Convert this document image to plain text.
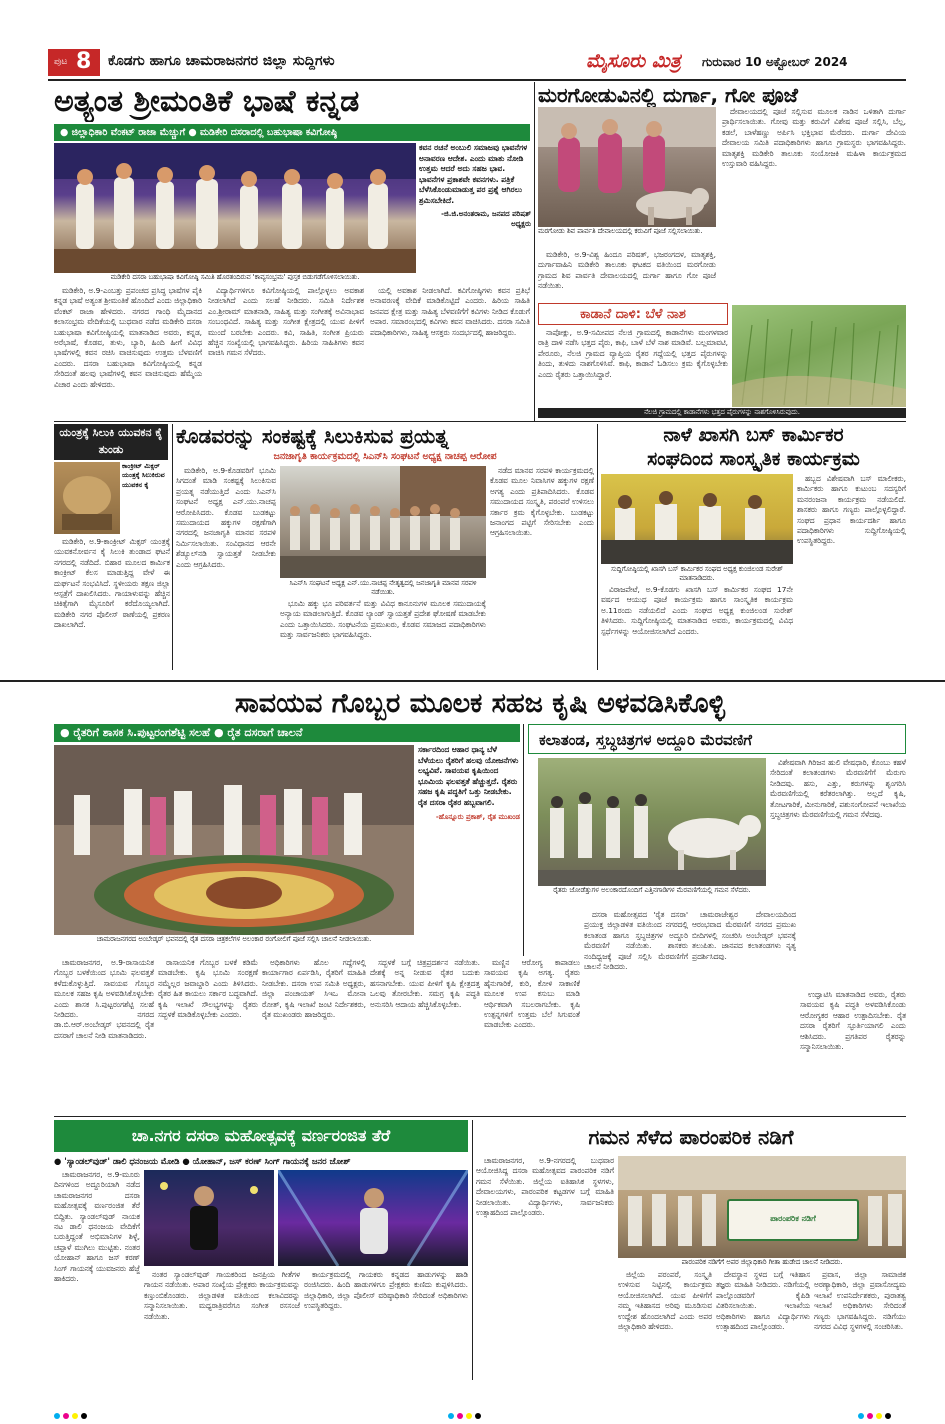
ಪುಟ 8 ಕೊಡಗು ಹಾಗೂ ಚಾಮರಾಜನಗರ ಜಿಲ್ಲಾ ಸುದ್ದಿಗಳು	ಮೈಸೂರು ಮಿತ್ರ ಗುರುವಾರ 10 ಅಕ್ಟೋಬರ್ 2024
ಅತ್ಯಂತ ಶ್ರೀಮಂತಿಕೆ ಭಾಷೆ ಕನ್ನಡ
● ಜಿಲ್ಲಾಧಿಕಾರಿ ವೆಂಕಟ್ ರಾಜಾ ಮೆಚ್ಚುಗೆ ● ಮಡಿಕೇರಿ ದಸರಾದಲ್ಲಿ ಬಹುಭಾಷಾ ಕವಿಗೋಷ್ಠಿ
ಮಡಿಕೇರಿ ದಸರಾ ಬಹುಭಾಷಾ ಕವಿಗೋಷ್ಠಿ ಸಮಿತಿ ಹೊರತಂದಿರುವ 'ಕಾವ್ಯಸಂಭ್ರಮ' ಪುಸ್ತಕ ಬಿಡುಗಡೆಗೊಳಿಸಲಾಯಿತು.
ಕವನ ರಚನೆ ಅಂಬುಲಿ ಸಮಾಜವು ಭಾವನೆಗಳ ಅನಾವರಣ ಆದೇಶ. ಎಂದು ಮಾತು ನೋಡಿ ಉತ್ತಮ ಆದರೆ ಅದು ಸಹಜ ಭಾವ. ಭಾವನೆಗಳ ಪ್ರಕಾಶವೇ ಕವನಗಳು. ಪತ್ರಿಕೆ ಬೆಳೆಸಿಕೊಂಡುಮಾಡುತ್ತ ಪರ ಪ್ರಶ್ನೆ ಆಗಿರಲು ಶ್ರಮಿಸಬೇಕಿದೆ.
-ಜಿ.ಜಿ.ಅನಂತರಾಮ, ಜನಪದ ಪರಿಷತ್ ಅಧ್ಯಕ್ಷರು

ಮಡಿಕೇರಿ, ಅ.9-ಎಂಬತ್ತು ಪ್ರಪಂಚದ ಪ್ರಸಿದ್ಧ ಭಾಷೆಗಳ ಪೈಕಿ ಕನ್ನಡ ಭಾಷೆ ಅತ್ಯಂತ ಶ್ರೀಮಂತಿಕೆ ಹೊಂದಿದೆ ಎಂದು ಜಿಲ್ಲಾಧಿಕಾರಿ ವೆಂಕಟ್ ರಾಜಾ ಹೇಳಿದರು. ನಗರದ ಗಾಂಧಿ ಮೈದಾನದ ಕಲಾಸಂಭ್ರಮ ವೇದಿಕೆಯಲ್ಲಿ ಬುಧವಾರ ನಡೆದ ಮಡಿಕೇರಿ ದಸರಾ ಬಹುಭಾಷಾ ಕವಿಗೋಷ್ಠಿಯಲ್ಲಿ ಮಾತನಾಡಿದ ಅವರು, ಕನ್ನಡ, ಅರೆಭಾಷೆ, ಕೊಡವ, ತುಳು, ಬ್ಯಾರಿ, ಹಿಂದಿ ಹೀಗೆ ವಿವಿಧ ಭಾಷೆಗಳಲ್ಲಿ ಕವನ ರಚಿಸಿ ವಾಚಿಸುವುದು ಉತ್ತಮ ಬೆಳವಣಿಗೆ ಎಂದರು. ದಸರಾ ಬಹುಭಾಷಾ ಕವಿಗೋಷ್ಠಿಯಲ್ಲಿ ಕನ್ನಡ ಸೇರಿದಂತೆ ಹಲವು ಭಾಷೆಗಳಲ್ಲಿ ಕವನ ವಾಚಿಸುವುದು ಹೆಮ್ಮೆಯ ವಿಚಾರ ಎಂದು ಹೇಳಿದರು.

ವಿದ್ಯಾರ್ಥಿಗಳಿಗೂ ಕವಿಗೋಷ್ಠಿಯಲ್ಲಿ ಪಾಲ್ಗೊಳ್ಳಲು ಅವಕಾಶ ನೀಡಲಾಗಿದೆ ಎಂದು ಸಲಹೆ ನೀಡಿದರು. ಸಮಿತಿ ನಿರ್ದೇಶಕ ಎಂ.ಶ್ರೀರಾಮ್ ಮಾತನಾಡಿ, ಸಾಹಿತ್ಯ ಮತ್ತು ಸಂಗೀತಕ್ಕೆ ಅವಿನಾಭಾವ ಸಂಬಂಧವಿದೆ. ಸಾಹಿತ್ಯ ಮತ್ತು ಸಂಗೀತ ಕ್ಷೇತ್ರದಲ್ಲಿ ಯುವ ಪೀಳಿಗೆ ಮುಂದೆ ಬರಬೇಕು ಎಂದರು. ಕವಿ, ಸಾಹಿತಿ, ಸಂಗೀತ ಪ್ರಿಯರು ಹೆಚ್ಚಿನ ಸಂಖ್ಯೆಯಲ್ಲಿ ಭಾಗವಹಿಸಿದ್ದರು. ಹಿರಿಯ ಸಾಹಿತಿಗಳು ಕವನ ವಾಚಿಸಿ ಗಮನ ಸೆಳೆದರು.

ಯಲ್ಲಿ ಅವಕಾಶ ನೀಡಲಾಗಿದೆ. ಕವಿಗೋಷ್ಠಿಗಳು ಕವನ ಪ್ರತಿಭೆ ಅನಾವರಣಕ್ಕೆ ವೇದಿಕೆ ಮಾಡಿಕೊಟ್ಟಿದೆ ಎಂದರು. ಹಿರಿಯ ಸಾಹಿತಿ ಜನಪದ ಕ್ಷೇತ್ರ ಮತ್ತು ಸಾಹಿತ್ಯ ಬೆಳವಣಿಗೆಗೆ ಕವಿಗಳು ನೀಡಿದ ಕೊಡುಗೆ ಅಪಾರ. ಸಮಾರಂಭದಲ್ಲಿ ಕವಿಗಳು ಕವನ ವಾಚಿಸಿದರು. ದಸರಾ ಸಮಿತಿ ಪದಾಧಿಕಾರಿಗಳು, ಸಾಹಿತ್ಯ ಆಸಕ್ತರು ಸಂದರ್ಭದಲ್ಲಿ ಹಾಜರಿದ್ದರು.

ಮರಗೋಡುವಿನಲ್ಲಿ ದುರ್ಗಾ, ಗೋ ಪೂಜೆ
ಮರಗೋಡು ಶಿವ ಪಾರ್ವತಿ ದೇವಾಲಯದಲ್ಲಿ ಕರುವಿಗೆ ಪೂಜೆ ಸಲ್ಲಿಸಲಾಯಿತು.

ದೇವಾಲಯದಲ್ಲಿ ಪೂಜೆ ಸಲ್ಲಿಸುವ ಮೂಲಕ ನಾಡಿನ ಒಳಿತಾಗಿ ದುರ್ಗಾ ಪ್ರಾರ್ಥಿಸಲಾಯಿತು. ಗೋವು ಮತ್ತು ಕರುವಿಗೆ ವಿಶೇಷ ಪೂಜೆ ಸಲ್ಲಿಸಿ, ಬೆಲ್ಲ, ಕಡಲೆ, ಬಾಳೆಹಣ್ಣು ಅರ್ಪಿಸಿ ಭಕ್ತಿಭಾವ ಮೆರೆದರು. ದುರ್ಗಾ ದೇವಿಯ ದೇವಾಲಯ ಸಮಿತಿ ಪದಾಧಿಕಾರಿಗಳು ಹಾಗೂ ಗ್ರಾಮಸ್ಥರು ಭಾಗವಹಿಸಿದ್ದರು. ಮಾತೃಶಕ್ತಿ ಮಡಿಕೇರಿ ತಾಲೂಕು ಸಂಯೋಜಕಿ ಮಹಿಳಾ ಕಾರ್ಯಕ್ರಮದ ಉಸ್ತುವಾರಿ ವಹಿಸಿದ್ದರು.

ಮಡಿಕೇರಿ, ಅ.9-ವಿಶ್ವ ಹಿಂದೂ ಪರಿಷತ್, ಭಜರಂಗದಳ, ಮಾತೃಶಕ್ತಿ, ದುರ್ಗಾವಾಹಿನಿ ಮಡಿಕೇರಿ ತಾಲೂಕು ಘಟಕದ ವತಿಯಿಂದ ಮರಗೋಡು ಗ್ರಾಮದ ಶಿವ ಪಾರ್ವತಿ ದೇವಾಲಯದಲ್ಲಿ ದುರ್ಗಾ ಹಾಗೂ ಗೋ ಪೂಜೆ ನಡೆಯಿತು.

ಕಾಡಾನೆ ದಾಳಿ: ಬೆಳೆ ನಾಶ

ನಾಪೋಕ್ಲು, ಅ.9-ಸಮೀಪದ ನೆಲಜಿ ಗ್ರಾಮದಲ್ಲಿ ಕಾಡಾನೆಗಳು ಮಂಗಳವಾರ ರಾತ್ರಿ ದಾಳಿ ನಡೆಸಿ ಭತ್ತದ ಪೈರು, ಕಾಫಿ, ಬಾಳೆ ಬೆಳೆ ನಾಶ ಮಾಡಿವೆ. ಬಲ್ಲಮಾವಟಿ, ಪೇರೂರು, ನೆಲಜಿ ಗ್ರಾಮದ ವ್ಯಾಪ್ತಿಯ ರೈತರ ಗದ್ದೆಯಲ್ಲಿ ಭತ್ತದ ಪೈರುಗಳನ್ನು ತಿಂದು, ತುಳಿದು ನಾಶಗೊಳಿಸಿವೆ. ಕಾಫಿ, ಕಾಡಾನೆ ಓಡಿಸಲು ಕ್ರಮ ಕೈಗೊಳ್ಳಬೇಕು ಎಂದು ರೈತರು ಒತ್ತಾಯಿಸಿದ್ದಾರೆ.

ನೆಲಜಿ ಗ್ರಾಮದಲ್ಲಿ ಕಾಡಾನೆಗಳು ಭತ್ತದ ಪೈರುಗಳನ್ನು ನಾಶಗೊಳಿಸಿರುವುದು.
ಯಂತ್ರಕ್ಕೆ ಸಿಲುಕಿ ಯುವಕನ ಕೈ ತುಂಡು
ಕಾಂಕ್ರೀಟ್ ಮಿಕ್ಸರ್ ಯಂತ್ರಕ್ಕೆ ಸಿಲುಕಿರುವ ಯುವಕನ ಕೈ

ಮಡಿಕೇರಿ, ಅ.9-ಕಾಂಕ್ರೀಟ್ ಮಿಕ್ಸರ್ ಯಂತ್ರಕ್ಕೆ ಯುವಕನೋರ್ವನ ಕೈ ಸಿಲುಕಿ ತುಂಡಾದ ಘಟನೆ ನಗರದಲ್ಲಿ ನಡೆದಿದೆ. ಬಿಹಾರ ಮೂಲದ ಕಾರ್ಮಿಕ ಕಾಂಕ್ರೀಟ್ ಕೆಲಸ ಮಾಡುತ್ತಿದ್ದ ವೇಳೆ ಈ ದುರ್ಘಟನೆ ಸಂಭವಿಸಿದೆ. ಸ್ಥಳೀಯರು ತಕ್ಷಣ ಜಿಲ್ಲಾ ಆಸ್ಪತ್ರೆಗೆ ದಾಖಲಿಸಿದರು. ಗಾಯಾಳುವನ್ನು ಹೆಚ್ಚಿನ ಚಿಕಿತ್ಸೆಗಾಗಿ ಮೈಸೂರಿಗೆ ಕರೆದೊಯ್ಯಲಾಗಿದೆ. ಮಡಿಕೇರಿ ನಗರ ಪೊಲೀಸ್ ಠಾಣೆಯಲ್ಲಿ ಪ್ರಕರಣ ದಾಖಲಾಗಿದೆ.

ಕೊಡವರನ್ನು ಸಂಕಷ್ಟಕ್ಕೆ ಸಿಲುಕಿಸುವ ಪ್ರಯತ್ನ
ಜನಜಾಗೃತಿ ಕಾರ್ಯಕ್ರಮದಲ್ಲಿ ಸಿಎನ್‌ಸಿ ಸಂಘಟನೆ ಅಧ್ಯಕ್ಷ ನಾಚಪ್ಪ ಆರೋಪ

ಮಡಿಕೇರಿ, ಅ.9-ಕೊಡವರಿಗೆ ಭೂಮಿ ಸಿಗದಂತೆ ಮಾಡಿ ಸಂಕಷ್ಟಕ್ಕೆ ಸಿಲುಕಿಸುವ ಪ್ರಯತ್ನ ನಡೆಯುತ್ತಿದೆ ಎಂದು ಸಿಎನ್‌ಸಿ ಸಂಘಟನೆ ಅಧ್ಯಕ್ಷ ಎನ್.ಯು.ನಾಚಪ್ಪ ಆರೋಪಿಸಿದರು. ಕೊಡವ ಬುಡಕಟ್ಟು ಸಮುದಾಯದ ಹಕ್ಕುಗಳ ರಕ್ಷಣೆಗಾಗಿ ನಗರದಲ್ಲಿ ಜನಜಾಗೃತಿ ಮಾನವ ಸರಪಳಿ ನಿರ್ಮಿಸಲಾಯಿತು. ಸಂವಿಧಾನದ ಆರನೇ ಶೆಡ್ಯೂಲ್‌ನಡಿ ಸ್ವಾಯತ್ತತೆ ನೀಡಬೇಕು ಎಂದು ಆಗ್ರಹಿಸಿದರು.

ಸಿಎನ್‌ಸಿ ಸಂಘಟನೆ ಅಧ್ಯಕ್ಷ ಎನ್.ಯು.ನಾಚಪ್ಪ ನೇತೃತ್ವದಲ್ಲಿ ಜನಜಾಗೃತಿ ಮಾನವ ಸರಪಳಿ ನಡೆಯಿತು.

ನಡೆದ ಮಾನವ ಸರಪಳಿ ಕಾರ್ಯಕ್ರಮದಲ್ಲಿ ಕೊಡವ ಮೂಲ ನಿವಾಸಿಗಳ ಹಕ್ಕುಗಳ ರಕ್ಷಣೆ ಅಗತ್ಯ ಎಂದು ಪ್ರತಿಪಾದಿಸಿದರು. ಕೊಡವ ಸಮುದಾಯದ ಸಂಸ್ಕೃತಿ, ಪರಂಪರೆ ಉಳಿಸಲು ಸರ್ಕಾರ ಕ್ರಮ ಕೈಗೊಳ್ಳಬೇಕು. ಬುಡಕಟ್ಟು ಜನಾಂಗದ ಪಟ್ಟಿಗೆ ಸೇರಿಸಬೇಕು ಎಂದು ಆಗ್ರಹಿಸಲಾಯಿತು.

ಭೂಮಿ ಹಕ್ಕು ಭೂ ಪರಿವರ್ತನೆ ಮತ್ತು ವಿವಿಧ ಕಾನೂನುಗಳ ಮೂಲಕ ಸಮುದಾಯಕ್ಕೆ ಅನ್ಯಾಯ ಮಾಡಲಾಗುತ್ತಿದೆ. ಕೊಡವ ಲ್ಯಾಂಡ್ ಸ್ವಾಯತ್ತತೆ ಪ್ರದೇಶ ಘೋಷಣೆ ಮಾಡಬೇಕು ಎಂದು ಒತ್ತಾಯಿಸಿದರು. ಸಂಘಟನೆಯ ಪ್ರಮುಖರು, ಕೊಡವ ಸಮಾಜದ ಪದಾಧಿಕಾರಿಗಳು ಮತ್ತು ಸಾರ್ವಜನಿಕರು ಭಾಗವಹಿಸಿದ್ದರು.

ನಾಳೆ ಖಾಸಗಿ ಬಸ್ ಕಾರ್ಮಿಕರ
ಸಂಘದಿಂದ ಸಾಂಸ್ಕೃತಿಕ ಕಾರ್ಯಕ್ರಮ

ಹಬ್ಬದ ವಿಶೇಷವಾಗಿ ಬಸ್ ಮಾಲೀಕರು, ಕಾರ್ಮಿಕರು ಹಾಗೂ ಕುಟುಂಬ ಸದಸ್ಯರಿಗೆ ಮನರಂಜನಾ ಕಾರ್ಯಕ್ರಮ ನಡೆಯಲಿದೆ. ಶಾಸಕರು ಹಾಗೂ ಗಣ್ಯರು ಪಾಲ್ಗೊಳ್ಳಲಿದ್ದಾರೆ. ಸಂಘದ ಪ್ರಧಾನ ಕಾರ್ಯದರ್ಶಿ ಹಾಗೂ ಪದಾಧಿಕಾರಿಗಳು ಸುದ್ದಿಗೋಷ್ಠಿಯಲ್ಲಿ ಉಪಸ್ಥಿತರಿದ್ದರು.

ಸುದ್ದಿಗೋಷ್ಠಿಯಲ್ಲಿ ಖಾಸಗಿ ಬಸ್ ಕಾರ್ಮಿಕರ ಸಂಘದ ಅಧ್ಯಕ್ಷ ಕುಂಜಿಲಂಡ ಸುರೇಶ್ ಮಾತನಾಡಿದರು.

ವಿರಾಜಪೇಟೆ, ಅ.9-ಕೊಡಗು ಖಾಸಗಿ ಬಸ್ ಕಾರ್ಮಿಕರ ಸಂಘದ 17ನೇ ವರ್ಷದ ಆಯುಧ ಪೂಜೆ ಕಾರ್ಯಕ್ರಮ ಹಾಗೂ ಸಾಂಸ್ಕೃತಿಕ ಕಾರ್ಯಕ್ರಮ ಅ.11ರಂದು ನಡೆಯಲಿದೆ ಎಂದು ಸಂಘದ ಅಧ್ಯಕ್ಷ ಕುಂಜಿಲಂಡ ಸುರೇಶ್ ತಿಳಿಸಿದರು. ಸುದ್ದಿಗೋಷ್ಠಿಯಲ್ಲಿ ಮಾತನಾಡಿದ ಅವರು, ಕಾರ್ಯಕ್ರಮದಲ್ಲಿ ವಿವಿಧ ಸ್ಪರ್ಧೆಗಳನ್ನು ಆಯೋಜಿಸಲಾಗಿದೆ ಎಂದರು.

ಸಾವಯವ ಗೊಬ್ಬರ ಮೂಲಕ ಸಹಜ ಕೃಷಿ ಅಳವಡಿಸಿಕೊಳ್ಳಿ
● ರೈತರಿಗೆ ಶಾಸಕ ಸಿ.ಪುಟ್ಟರಂಗಶೆಟ್ಟಿ ಸಲಹೆ ● ರೈತ ದಸರಾಗೆ ಚಾಲನೆ
ಚಾಮರಾಜನಗರದ ಅಂಬೇಡ್ಕರ್ ಭವನದಲ್ಲಿ ರೈತ ದಸರಾ ಚಿತ್ರಕಲೆಗಳ ಅಲಂಕಾರ ರಂಗೋಲಿಗೆ ಪೂಜೆ ಸಲ್ಲಿಸಿ ಚಾಲನೆ ನೀಡಲಾಯಿತು.
ಸರ್ಕಾರದಿಂದ ಆಹಾರ ಧಾನ್ಯ ಬೆಳೆ ಬೆಳೆಯಲು ರೈತರಿಗೆ ಹಲವು ಯೋಜನೆಗಳು ಲಭ್ಯವಿವೆ. ಸಾವಯವ ಕೃಷಿಯಿಂದ ಭೂಮಿಯ ಫಲವತ್ತತೆ ಹೆಚ್ಚುತ್ತದೆ. ರೈತರು ಸಹಜ ಕೃಷಿ ಪದ್ಧತಿಗೆ ಒತ್ತು ನೀಡಬೇಕು. ರೈತ ದಸರಾ ರೈತರ ಹಬ್ಬವಾಗಲಿ.
-ಹೊನ್ನೂರು ಪ್ರಕಾಶ್, ರೈತ ಮುಖಂಡ

ಚಾಮರಾಜನಗರ, ಅ.9-ರಾಸಾಯನಿಕ ಗೊಬ್ಬರ ಬಳಕೆಯಿಂದ ಭೂಮಿ ಫಲವತ್ತತೆ ಕಳೆದುಕೊಳ್ಳುತ್ತಿದೆ. ಸಾವಯವ ಗೊಬ್ಬರ ಮೂಲಕ ಸಹಜ ಕೃಷಿ ಅಳವಡಿಸಿಕೊಳ್ಳಬೇಕು ಎಂದು ಶಾಸಕ ಸಿ.ಪುಟ್ಟರಂಗಶೆಟ್ಟಿ ಸಲಹೆ ನೀಡಿದರು. ನಗರದ ಡಾ.ಬಿ.ಆರ್.ಅಂಬೇಡ್ಕರ್ ಭವನದಲ್ಲಿ ರೈತ ದಸರಾಗೆ ಚಾಲನೆ ನೀಡಿ ಮಾತನಾಡಿದರು.

ರಾಸಾಯನಿಕ ಗೊಬ್ಬರ ಬಳಕೆ ಕಡಿಮೆ ಮಾಡಬೇಕು. ಕೃಷಿ ಭೂಮಿ ಸಂರಕ್ಷಣೆ ನಮ್ಮೆಲ್ಲರ ಜವಾಬ್ದಾರಿ ಎಂದು ತಿಳಿಸಿದರು. ರೈತರ ಹಿತ ಕಾಯಲು ಸರ್ಕಾರ ಬದ್ಧವಾಗಿದೆ. ಕೃಷಿ ಇಲಾಖೆ ಸೌಲಭ್ಯಗಳನ್ನು ರೈತರು ಸದ್ಬಳಕೆ ಮಾಡಿಕೊಳ್ಳಬೇಕು ಎಂದರು.

ಅಧಿಕಾರಿಗಳು ಹೊಲ ಗದ್ದೆಗಳಲ್ಲಿ ಕಾರ್ಯಾಗಾರ ಏರ್ಪಡಿಸಿ, ರೈತರಿಗೆ ಮಾಹಿತಿ ನೀಡಬೇಕು. ದಸರಾ ಉಪ ಸಮಿತಿ ಅಧ್ಯಕ್ಷರು, ಜಿಲ್ಲಾ ಪಂಚಾಯತ್ ಸಿಇಒ ಮೋನಾ ರೋತ್, ಕೃಷಿ ಇಲಾಖೆ ಜಂಟಿ ನಿರ್ದೇಶಕರು, ರೈತ ಮುಖಂಡರು ಹಾಜರಿದ್ದರು.

ಸದ್ಬಳಕೆ ಬಗ್ಗೆ ಚಿತ್ರಪ್ರದರ್ಶನ ನಡೆಯಿತು. ದೇಶಕ್ಕೆ ಅನ್ನ ನೀಡುವ ರೈತರ ಬದುಕು ಹಸನಾಗಬೇಕು. ಯುವ ಪೀಳಿಗೆ ಕೃಷಿ ಕ್ಷೇತ್ರದತ್ತ ಒಲವು ತೋರಬೇಕು. ಸಮಗ್ರ ಕೃಷಿ ಪದ್ಧತಿ ಅನುಸರಿಸಿ ಆದಾಯ ಹೆಚ್ಚಿಸಿಕೊಳ್ಳಬೇಕು.

ಮಣ್ಣಿನ ಆರೋಗ್ಯ ಕಾಪಾಡಲು ಸಾವಯವ ಕೃಷಿ ಅಗತ್ಯ. ರೈತರು ಹೈನುಗಾರಿಕೆ, ಕುರಿ, ಕೋಳಿ ಸಾಕಾಣಿಕೆ ಮೂಲಕ ಉಪ ಕಸುಬು ಮಾಡಿ ಆರ್ಥಿಕವಾಗಿ ಸಬಲರಾಗಬೇಕು. ಕೃಷಿ ಉತ್ಪನ್ನಗಳಿಗೆ ಉತ್ತಮ ಬೆಲೆ ಸಿಗುವಂತೆ ಮಾಡಬೇಕು ಎಂದರು.

ಕಲಾತಂಡ, ಸ್ತಬ್ಧಚಿತ್ರಗಳ ಅದ್ದೂರಿ ಮೆರವಣಿಗೆ
ರೈತರು ಜೋಡೆತ್ತುಗಳ ಅಲಂಕಾರದೊಂದಿಗೆ ಎತ್ತಿನಗಾಡಿಗಳ ಮೆರವಣಿಗೆಯಲ್ಲಿ ಗಮನ ಸೆಳೆದರು.

ವಿಶೇಷವಾಗಿ ಗಿರಿಜನ ಹುಲಿ ವೇಷಧಾರಿ, ಕೊಂಬು ಕಹಳೆ ಸೇರಿದಂತೆ ಕಲಾತಂಡಗಳು ಮೆರವಣಿಗೆಗೆ ಮೆರುಗು ನೀಡಿದವು. ಹಸು, ಎತ್ತು, ಕರುಗಳನ್ನು ಶೃಂಗರಿಸಿ ಮೆರವಣಿಗೆಯಲ್ಲಿ ಕರೆತರಲಾಗಿತ್ತು. ಅಲ್ಲದೆ ಕೃಷಿ, ತೋಟಗಾರಿಕೆ, ಮೀನುಗಾರಿಕೆ, ಪಶುಸಂಗೋಪನೆ ಇಲಾಖೆಯ ಸ್ತಬ್ಧಚಿತ್ರಗಳು ಮೆರವಣಿಗೆಯಲ್ಲಿ ಗಮನ ಸೆಳೆದವು.

ದಸರಾ ಮಹೋತ್ಸವದ 'ರೈತ ದಸರಾ' ಪ್ರಯುಕ್ತ ಜಿಲ್ಲಾಡಳಿತ ವತಿಯಿಂದ ನಗರದಲ್ಲಿ ಕಲಾತಂಡ ಹಾಗೂ ಸ್ತಬ್ಧಚಿತ್ರಗಳ ಅದ್ದೂರಿ ಮೆರವಣಿಗೆ ನಡೆಯಿತು. ಶಾಸಕರು ನಂದಿಧ್ವಜಕ್ಕೆ ಪೂಜೆ ಸಲ್ಲಿಸಿ ಮೆರವಣಿಗೆಗೆ ಚಾಲನೆ ನೀಡಿದರು.

ಚಾಮರಾಜೇಶ್ವರ ದೇವಾಲಯದಿಂದ ಆರಂಭವಾದ ಮೆರವಣಿಗೆ ನಗರದ ಪ್ರಮುಖ ಬೀದಿಗಳಲ್ಲಿ ಸಂಚರಿಸಿ ಅಂಬೇಡ್ಕರ್ ಭವನಕ್ಕೆ ತಲುಪಿತು. ಜಾನಪದ ಕಲಾತಂಡಗಳು ನೃತ್ಯ ಪ್ರದರ್ಶಿಸಿದವು.

ಉದ್ಘಾಟಿಸಿ ಮಾತನಾಡಿದ ಅವರು, ರೈತರು ಸಾವಯವ ಕೃಷಿ ಪದ್ಧತಿ ಅಳವಡಿಸಿಕೊಂಡು ಆರೋಗ್ಯಕರ ಆಹಾರ ಉತ್ಪಾದಿಸಬೇಕು. ರೈತ ದಸರಾ ರೈತರಿಗೆ ಸ್ಫೂರ್ತಿಯಾಗಲಿ ಎಂದು ಆಶಿಸಿದರು. ಪ್ರಗತಿಪರ ರೈತರನ್ನು ಸನ್ಮಾನಿಸಲಾಯಿತು.

ಚಾ.ನಗರ ದಸರಾ ಮಹೋತ್ಸವಕ್ಕೆ ವರ್ಣರಂಜಿತ ತೆರೆ
● 'ಸ್ಯಾಂಡಲ್‌ವುಡ್' ಡಾಲಿ ಧನಂಜಯ ಮೋಡಿ ● ಯೋಹಾನ್, ಜಸ್ ಕರಣ್ ಸಿಂಗ್ ಗಾಯನಕ್ಕೆ ಜನರ ಜೋಶ್

ಚಾಮರಾಜನಗರ, ಅ.9-ಮೂರು ದಿನಗಳಿಂದ ಅದ್ದೂರಿಯಾಗಿ ನಡೆದ ಚಾಮರಾಜನಗರ ದಸರಾ ಮಹೋತ್ಸವಕ್ಕೆ ವರ್ಣರಂಜಿತ ತೆರೆ ಬಿದ್ದಿತು. ಸ್ಯಾಂಡಲ್‌ವುಡ್ ನಾಯಕ ನಟ ಡಾಲಿ ಧನಂಜಯ ವೇದಿಕೆಗೆ ಬರುತ್ತಿದ್ದಂತೆ ಅಭಿಮಾನಿಗಳ ಶಿಳ್ಳೆ, ಚಪ್ಪಾಳೆ ಮುಗಿಲು ಮುಟ್ಟಿತು. ನಂತರ ಯೋಹಾನ್ ಹಾಗೂ ಜಸ್ ಕರಣ್ ಸಿಂಗ್ ಗಾಯನಕ್ಕೆ ಯುವಜನರು ಹೆಜ್ಜೆ ಹಾಕಿದರು.	ನಂತರ ಸ್ಯಾಂಡಲ್‌ವುಡ್ ಗಾಯಕರಿಂದ ಜನಪ್ರಿಯ ಗೀತೆಗಳ ಗಾಯನ ನಡೆಯಿತು. ಅಪಾರ ಸಂಖ್ಯೆಯ ಪ್ರೇಕ್ಷಕರು ಕಾರ್ಯಕ್ರಮವನ್ನು ಕಣ್ತುಂಬಿಕೊಂಡರು. ಜಿಲ್ಲಾಡಳಿತ ವತಿಯಿಂದ ಕಲಾವಿದರನ್ನು ಸನ್ಮಾನಿಸಲಾಯಿತು. ಮಧ್ಯರಾತ್ರಿವರೆಗೂ ಸಂಗೀತ ರಸಸಂಜೆ ನಡೆಯಿತು.

ಕಾರ್ಯಕ್ರಮದಲ್ಲಿ ಗಾಯಕರು ಕನ್ನಡದ ಹಾಡುಗಳನ್ನು ಹಾಡಿ ರಂಜಿಸಿದರು. ಹಿಂದಿ ಹಾಡುಗಳಿಗೂ ಪ್ರೇಕ್ಷಕರು ಕುಣಿದು ಕುಪ್ಪಳಿಸಿದರು. ಜಿಲ್ಲಾಧಿಕಾರಿ, ಜಿಲ್ಲಾ ಪೊಲೀಸ್ ವರಿಷ್ಠಾಧಿಕಾರಿ ಸೇರಿದಂತೆ ಅಧಿಕಾರಿಗಳು ಉಪಸ್ಥಿತರಿದ್ದರು.

ಗಮನ ಸೆಳೆದ ಪಾರಂಪರಿಕ ನಡಿಗೆ

ಚಾಮರಾಜನಗರ, ಅ.9-ನಗರದಲ್ಲಿ ಬುಧವಾರ ಆಯೋಜಿಸಿದ್ದ ದಸರಾ ಮಹೋತ್ಸವದ ಪಾರಂಪರಿಕ ನಡಿಗೆ ಗಮನ ಸೆಳೆಯಿತು. ಜಿಲ್ಲೆಯ ಐತಿಹಾಸಿಕ ಸ್ಥಳಗಳು, ದೇವಾಲಯಗಳು, ಪಾರಂಪರಿಕ ಕಟ್ಟಡಗಳ ಬಗ್ಗೆ ಮಾಹಿತಿ ನೀಡಲಾಯಿತು. ವಿದ್ಯಾರ್ಥಿಗಳು, ಸಾರ್ವಜನಿಕರು ಉತ್ಸಾಹದಿಂದ ಪಾಲ್ಗೊಂಡರು.

ಪಾರಂಪರಿಕ ನಡಿಗೆ
ಪಾರಂಪರಿಕ ನಡಿಗೆಗೆ ಅಪರ ಜಿಲ್ಲಾಧಿಕಾರಿ ಗೀತಾ ಹುಡೇದ ಚಾಲನೆ ನೀಡಿದರು.

ಜಿಲ್ಲೆಯ ಪರಂಪರೆ, ಸಂಸ್ಕೃತಿ ಉಳಿಸುವ ನಿಟ್ಟಿನಲ್ಲಿ ಕಾರ್ಯಕ್ರಮ ಆಯೋಜಿಸಲಾಗಿದೆ. ಯುವ ಪೀಳಿಗೆಗೆ ನಮ್ಮ ಇತಿಹಾಸದ ಅರಿವು ಮೂಡಿಸುವ ಉದ್ದೇಶ ಹೊಂದಲಾಗಿದೆ ಎಂದು ಅಪರ ಜಿಲ್ಲಾಧಿಕಾರಿ ಹೇಳಿದರು.

ದೇವಸ್ಥಾನ ಸ್ಥಳದ ಬಗ್ಗೆ ಇತಿಹಾಸ ತಜ್ಞರು ಮಾಹಿತಿ ನೀಡಿದರು. ನಡಿಗೆಯಲ್ಲಿ ಪಾಲ್ಗೊಂಡವರಿಗೆ ಕೈಪಿಡಿ ವಿತರಿಸಲಾಯಿತು. ಇಲಾಖೆಯ ಅಧಿಕಾರಿಗಳು ಹಾಗೂ ವಿದ್ಯಾರ್ಥಿಗಳು ಉತ್ಸಾಹದಿಂದ ಪಾಲ್ಗೊಂಡರು.

ಪ್ರವಾಸ, ಜಿಲ್ಲಾ ಸಾಮಾಜಿಕ ಅರಣ್ಯಾಧಿಕಾರಿ, ಜಿಲ್ಲಾ ಪ್ರವಾಸೋದ್ಯಮ ಇಲಾಖೆ ಉಪನಿರ್ದೇಶಕರು, ಪುರಾತತ್ವ ಇಲಾಖೆ ಅಧಿಕಾರಿಗಳು ಸೇರಿದಂತೆ ಗಣ್ಯರು ಭಾಗವಹಿಸಿದ್ದರು. ನಡಿಗೆಯು ನಗರದ ವಿವಿಧ ಸ್ಥಳಗಳಲ್ಲಿ ಸಂಚರಿಸಿತು.
